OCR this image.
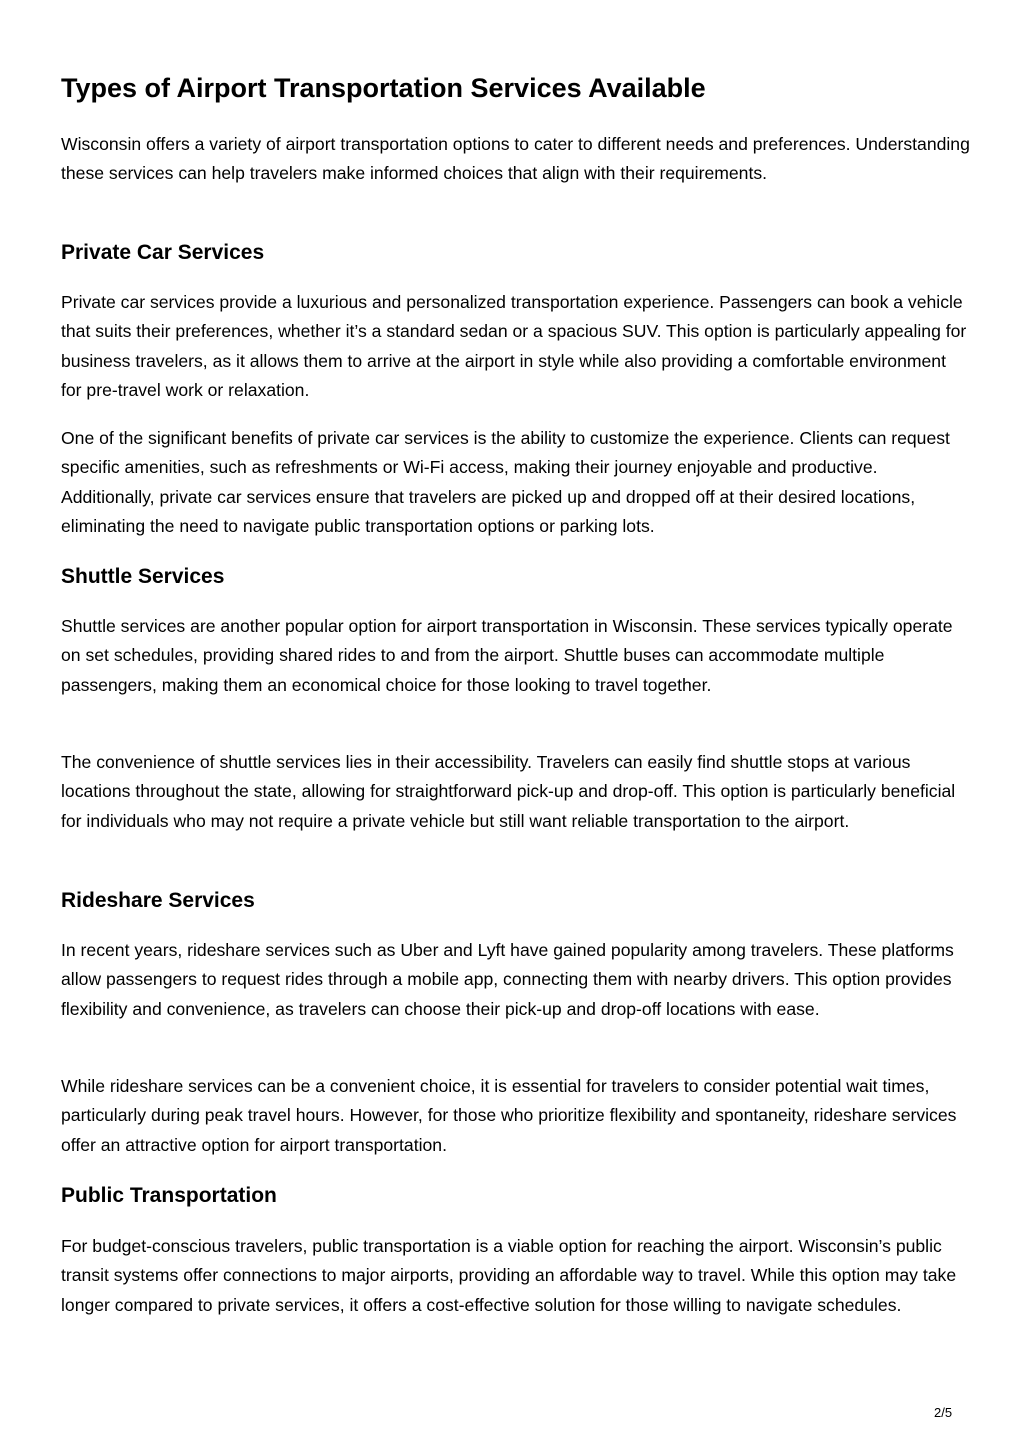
Types of Airport Transportation Services Available

Wisconsin offers a variety of airport transportation options to cater to different needs and preferences. Understanding these services can help travelers make informed choices that align with their requirements.

Private Car Services

Private car services provide a luxurious and personalized transportation experience. Passengers can book a vehicle that suits their preferences, whether it’s a standard sedan or a spacious SUV. This option is particularly appealing for business travelers, as it allows them to arrive at the airport in style while also providing a comfortable environment for pre-travel work or relaxation.

One of the significant benefits of private car services is the ability to customize the experience. Clients can request specific amenities, such as refreshments or Wi-Fi access, making their journey enjoyable and productive. Additionally, private car services ensure that travelers are picked up and dropped off at their desired locations, eliminating the need to navigate public transportation options or parking lots.

Shuttle Services

Shuttle services are another popular option for airport transportation in Wisconsin. These services typically operate on set schedules, providing shared rides to and from the airport. Shuttle buses can accommodate multiple passengers, making them an economical choice for those looking to travel together.

The convenience of shuttle services lies in their accessibility. Travelers can easily find shuttle stops at various locations throughout the state, allowing for straightforward pick-up and drop-off. This option is particularly beneficial for individuals who may not require a private vehicle but still want reliable transportation to the airport.

Rideshare Services

In recent years, rideshare services such as Uber and Lyft have gained popularity among travelers. These platforms allow passengers to request rides through a mobile app, connecting them with nearby drivers. This option provides flexibility and convenience, as travelers can choose their pick-up and drop-off locations with ease.

While rideshare services can be a convenient choice, it is essential for travelers to consider potential wait times, particularly during peak travel hours. However, for those who prioritize flexibility and spontaneity, rideshare services offer an attractive option for airport transportation.

Public Transportation

For budget-conscious travelers, public transportation is a viable option for reaching the airport. Wisconsin’s public transit systems offer connections to major airports, providing an affordable way to travel. While this option may take longer compared to private services, it offers a cost-effective solution for those willing to navigate schedules.

2/5
